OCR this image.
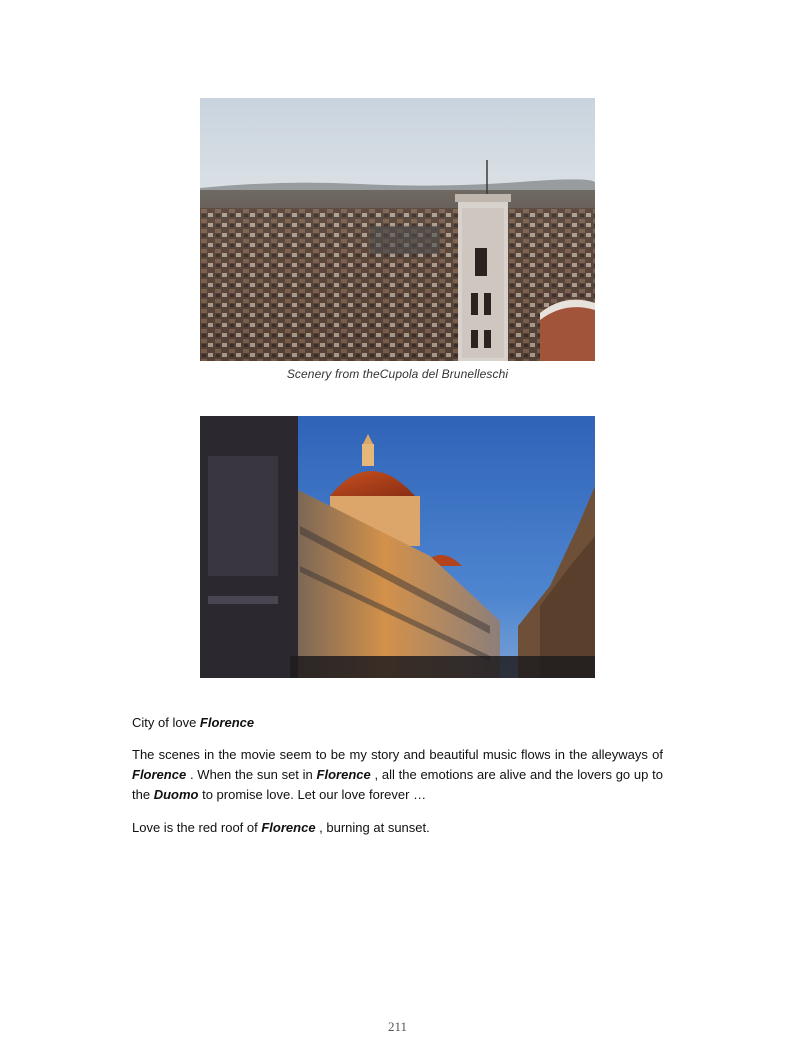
Scenery from theCupola del Brunelleschi
City of love Florence
The scenes in the movie seem to be my story and beautiful music flows in the alleyways of Florence . When the sun set in Florence , all the emotions are alive and the lovers go up to the Duomo to promise love. Let our love forever …
Love is the red roof of Florence , burning at sunset.
211
